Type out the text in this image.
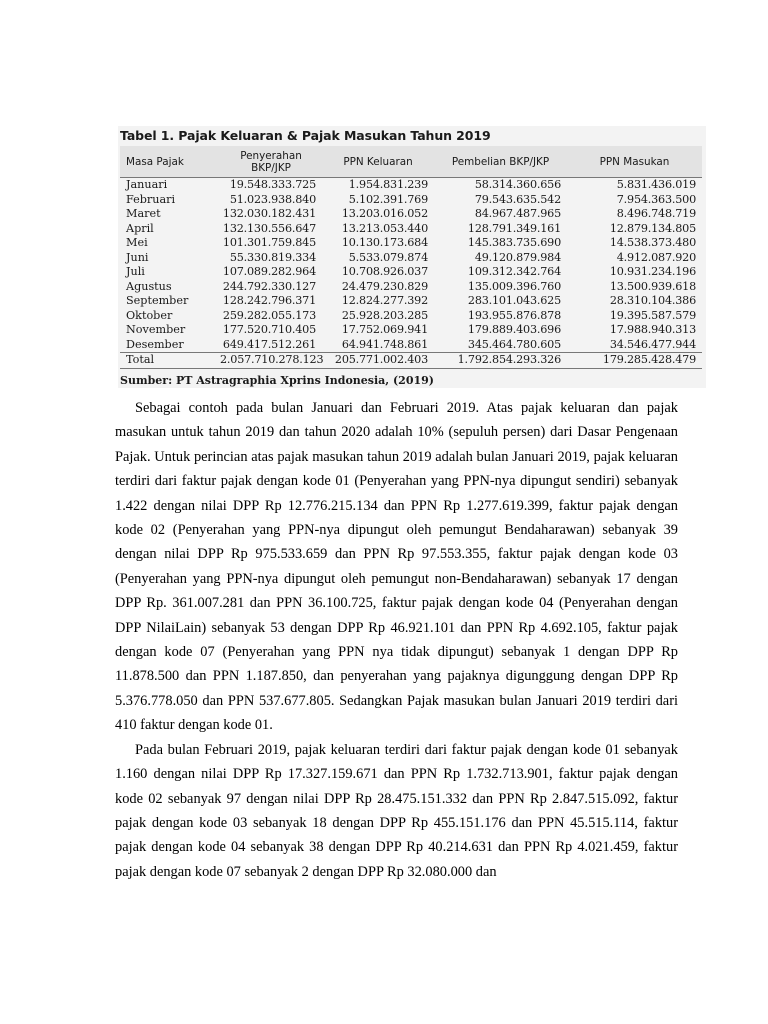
Tabel 1. Pajak Keluaran & Pajak Masukan Tahun 2019
Masa Pajak	Penyerahan BKP/JKP	PPN Keluaran	Pembelian BKP/JKP	PPN Masukan
Januari	19.548.333.725	1.954.831.239	58.314.360.656	5.831.436.019
Februari	51.023.938.840	5.102.391.769	79.543.635.542	7.954.363.500
Maret	132.030.182.431	13.203.016.052	84.967.487.965	8.496.748.719
April	132.130.556.647	13.213.053.440	128.791.349.161	12.879.134.805
Mei	101.301.759.845	10.130.173.684	145.383.735.690	14.538.373.480
Juni	55.330.819.334	5.533.079.874	49.120.879.984	4.912.087.920
Juli	107.089.282.964	10.708.926.037	109.312.342.764	10.931.234.196
Agustus	244.792.330.127	24.479.230.829	135.009.396.760	13.500.939.618
September	128.242.796.371	12.824.277.392	283.101.043.625	28.310.104.386
Oktober	259.282.055.173	25.928.203.285	193.955.876.878	19.395.587.579
November	177.520.710.405	17.752.069.941	179.889.403.696	17.988.940.313
Desember	649.417.512.261	64.941.748.861	345.464.780.605	34.546.477.944
Total	2.057.710.278.123	205.771.002.403	1.792.854.293.326	179.285.428.479
Sumber: PT Astragraphia Xprins Indonesia, (2019)

Sebagai contoh pada bulan Januari dan Februari 2019. Atas pajak keluaran dan pajak masukan untuk tahun 2019 dan tahun 2020 adalah 10% (sepuluh persen) dari Dasar Pengenaan Pajak. Untuk perincian atas pajak masukan tahun 2019 adalah bulan Januari 2019, pajak keluaran terdiri dari faktur pajak dengan kode 01 (Penyerahan yang PPN-nya dipungut sendiri) sebanyak 1.422 dengan nilai DPP Rp 12.776.215.134 dan PPN Rp 1.277.619.399, faktur pajak dengan kode 02 (Penyerahan yang PPN-nya dipungut oleh pemungut Bendaharawan) sebanyak 39 dengan nilai DPP Rp 975.533.659 dan PPN Rp 97.553.355, faktur pajak dengan kode 03 (Penyerahan yang PPN-nya dipungut oleh pemungut non-Bendaharawan) sebanyak 17 dengan DPP Rp. 361.007.281 dan PPN 36.100.725, faktur pajak dengan kode 04 (Penyerahan dengan DPP NilaiLain) sebanyak 53 dengan DPP Rp 46.921.101 dan PPN Rp 4.692.105, faktur pajak dengan kode 07 (Penyerahan yang PPN nya tidak dipungut) sebanyak 1 dengan DPP Rp 11.878.500 dan PPN 1.187.850, dan penyerahan yang pajaknya digunggung dengan DPP Rp 5.376.778.050 dan PPN 537.677.805. Sedangkan Pajak masukan bulan Januari 2019 terdiri dari 410 faktur dengan kode 01.

Pada bulan Februari 2019, pajak keluaran terdiri dari faktur pajak dengan kode 01 sebanyak 1.160 dengan nilai DPP Rp 17.327.159.671 dan PPN Rp 1.732.713.901, faktur pajak dengan kode 02 sebanyak 97 dengan nilai DPP Rp 28.475.151.332 dan PPN Rp 2.847.515.092, faktur pajak dengan kode 03 sebanyak 18 dengan DPP Rp 455.151.176 dan PPN 45.515.114, faktur pajak dengan kode 04 sebanyak 38 dengan DPP Rp 40.214.631 dan PPN Rp 4.021.459, faktur pajak dengan kode 07 sebanyak 2 dengan DPP Rp 32.080.000 dan
